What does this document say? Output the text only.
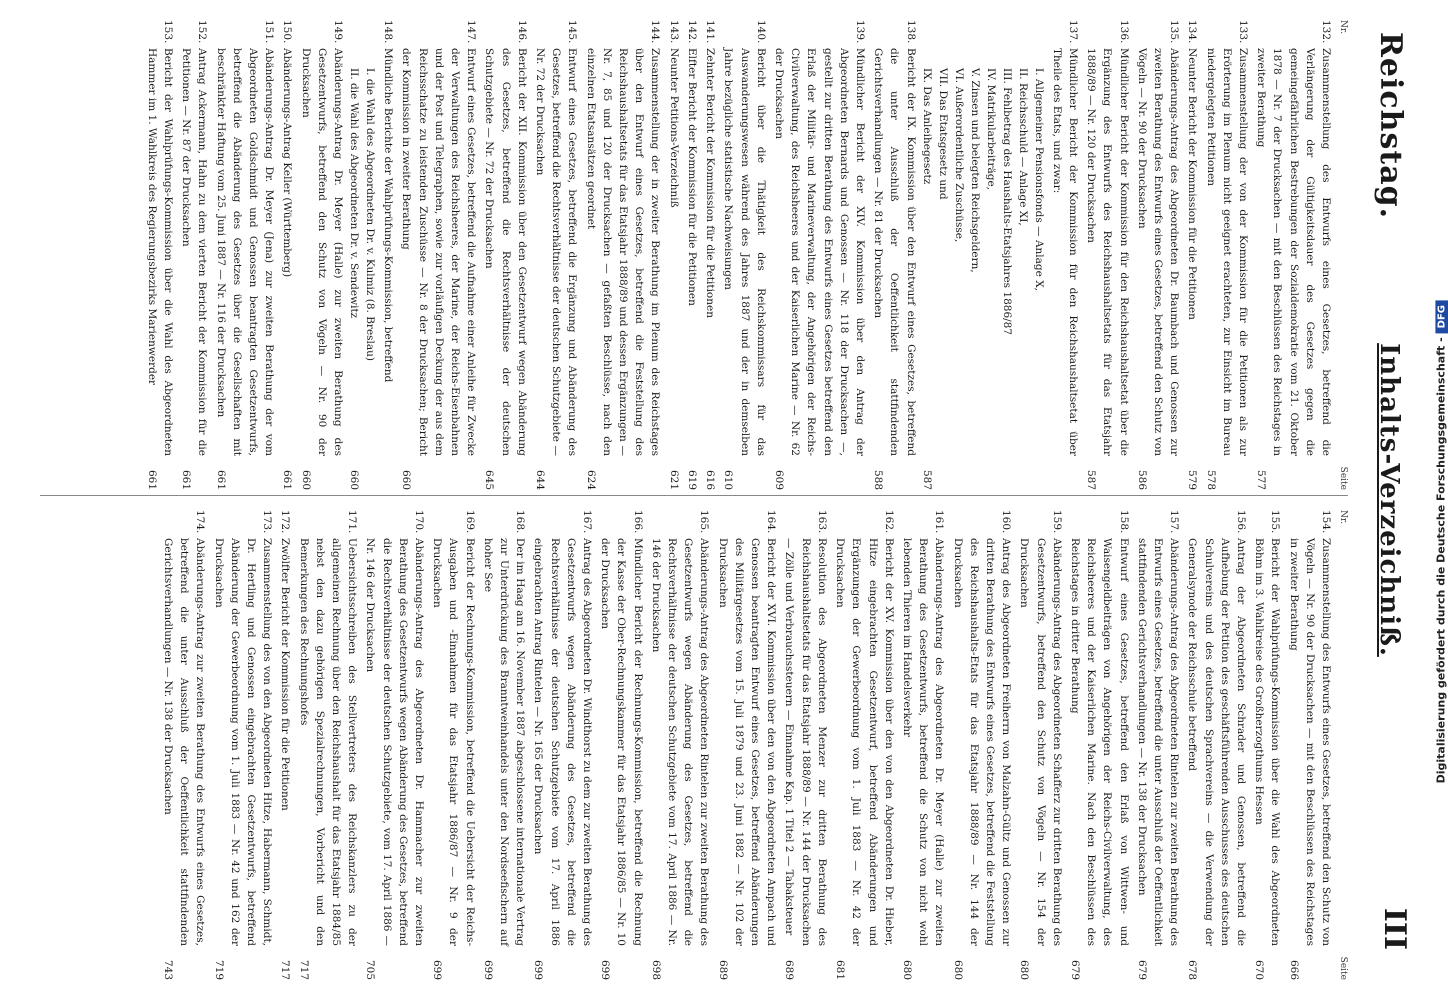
Reichstag.
Inhalts-Verzeichniß.
III
Nr.
Seite
132.
Zusammenstellung des Entwurfs eines Gesetzes, betreffend die Verlängerung der Gültigkeitsdauer des Gesetzes gegen die gemeingefährlichen Bestrebungen der Sozialdemokratie vom 21. Oktober 1878 — Nr. 7 der Drucksachen — mit den Beschlüssen des Reichstages in zweiter Berathung
577
133.
Zusammenstellung der von der Kommission für die Petitionen als zur Erörterung im Plenum nicht geeignet erachteten, zur Einsicht im Bureau niedergelegten Petitionen
578
134.
Neunter Bericht der Kommission für die Petitionen
579
135.
Abänderungs-Antrag des Abgeordneten Dr. Baumbach und Genossen zur zweiten Berathung des Entwurfs eines Gesetzes, betreffend den Schutz von Vögeln — Nr. 90 der Drucksachen
586
136.
Mündlicher Bericht der Kommission für den Reichshaushaltsetat über die Ergänzung des Entwurfs des Reichshaushaltsetats für das Etatsjahr 1888/89 — Nr. 120 der Drucksachen
587
137.
Mündlicher Bericht der Kommission für den Reichshaushaltsetat über Theile des Etats, und zwar:
I. Allgemeiner Pensionsfonds — Anlage X,
II. Reichsschuld — Anlage XI,
III. Fehlbetrag des Haushalts-Etatsjahres 1886/87
IV. Matrikularbeiträge,
V. Zinsen und belegten Reichsgeldern,
VI. Außerordentliche Zuschüsse,
VII. Das Etatsgesetz und
IX. Das Anleihegesetz
587
138.
Bericht der IX. Kommission über den Entwurf eines Gesetzes, betreffend die unter Ausschluß der Oeffentlichkeit stattfindenden Gerichtsverhandlungen — Nr. 81 der Drucksachen
588
139.
Mündlicher Bericht der XIV. Kommission über den Antrag der Abgeordneten Bernards und Genossen — Nr. 118 der Drucksachen —, gestellt zur dritten Berathung des Entwurfs eines Gesetzes betreffend den Erlaß der Militär- und Marineverwaltung, der Angehörigen der Reichs-Civilverwaltung, des Reichsheeres und der Kaiserlichen Marine — Nr. 62 der Drucksachen
609
140.
Bericht über die Thätigkeit des Reichskommissars für das Auswanderungswesen während des Jahres 1887 und der in demselben Jahre bezügliche statistische Nachweisungen
610
141.
Zehnter Bericht der Kommission für die Petitionen
616
142.
Elfter Bericht der Kommission für die Petitionen
619
143.
Neunter Petitions-Verzeichniß
621
144.
Zusammenstellung der in zweiter Berathung im Plenum des Reichstages über den Entwurf eines Gesetzes, betreffend die Feststellung des Reichshaushaltsetats für das Etatsjahr 1888/89 und dessen Ergänzungen — Nr. 7, 85 und 120 der Drucksachen — gefaßten Beschlüsse, nach den einzelnen Etatsansätzen geordnet
624
145.
Entwurf eines Gesetzes, betreffend die Ergänzung und Abänderung des Gesetzes, betreffend die Rechtsverhältnisse der deutschen Schutzgebiete — Nr. 72 der Drucksachen
644
146.
Bericht der XII. Kommission über den Gesetzentwurf wegen Abänderung des Gesetzes, betreffend die Rechtsverhältnisse der deutschen Schutzgebiete — Nr. 72 der Drucksachen
645
147.
Entwurf eines Gesetzes, betreffend die Aufnahme einer Anleihe für Zwecke der Verwaltungen des Reichsheeres, der Marine, der Reichs-Eisenbahnen und der Post und Telegraphen, sowie zur vorläufigen Deckung der aus dem Reichsschatze zu leistenden Zuschüsse — Nr. 8 der Drucksachen; Bericht der Kommission in zweiter Berathung
660
148.
Mündliche Berichte der Wahlprüfungs-Kommission, betreffend
I. die Wahl des Abgeordneten Dr. v. Kulmiz (8. Breslau)
II. die Wahl des Abgeordneten Dr. v. Sendewitz
660
149.
Abänderungs-Antrag Dr. Meyer (Halle) zur zweiten Berathung des Gesetzentwurfs, betreffend den Schutz von Vögeln — Nr. 90 der Drucksachen
660
150.
Abänderungs-Antrag Keller (Württemberg)
661
151.
Abänderungs-Antrag Dr. Meyer (Jena) zur zweiten Berathung der vom Abgeordneten Goldschmidt und Genossen beantragten Gesetzentwurfs, betreffend die Abänderung des Gesetzes über die Gesellschaften mit beschränkter Haftung vom 25. Juni 1887 — Nr. 116 der Drucksachen
661
152.
Antrag Ackermann, Hahn zu dem vierten Bericht der Kommission für die Petitionen — Nr. 87 der Drucksachen
661
153.
Bericht der Wahlprüfungs-Kommission über die Wahl des Abgeordneten Hammer im 1. Wahlkreis des Regierungsbezirks Marienwerder
661
Nr.
Seite
154.
Zusammenstellung des Entwurfs eines Gesetzes, betreffend den Schutz von Vögeln — Nr. 90 der Drucksachen — mit den Beschlüssen des Reichstages in zweiter Berathung
666
155.
Bericht der Wahlprüfungs-Kommission über die Wahl des Abgeordneten Böhm im 3. Wahlkreise des Großherzogthums Hessen
670
156.
Antrag der Abgeordneten Schrader und Genossen, betreffend die Aufhebung der Petition des geschäftsführenden Ausschusses des deutschen Schulvereins und des deutschen Sprachvereins — die Verwendung der Generalsynode der Reichsschule betreffend
678
157.
Abänderungs-Antrag des Abgeordneten Rintelen zur zweiten Berathung des Entwurfs eines Gesetzes, betreffend die unter Ausschluß der Oeffentlichkeit stattfindenden Gerichtsverhandlungen — Nr. 138 der Drucksachen
679
158.
Entwurf eines Gesetzes, betreffend den Erlaß von Wittwen- und Waisengeldbeiträgen von Angehörigen der Reichs-Civilverwaltung, des Reichsheeres und der Kaiserlichen Marine. Nach den Beschlüssen des Reichstages in dritter Berathung
679
159.
Abänderungs-Antrag des Abgeordneten Schafferz zur dritten Berathung des Gesetzentwurfs, betreffend den Schutz von Vögeln — Nr. 154 der Drucksachen
680
160.
Antrag des Abgeordneten Freiherrn von Malzahn-Gültz und Genossen zur dritten Berathung des Entwurfs eines Gesetzes, betreffend die Feststellung des Reichshaushalts-Etats für das Etatsjahr 1888/89 — Nr. 144 der Drucksachen
680
161.
Abänderungs-Antrag des Abgeordneten Dr. Meyer (Halle) zur zweiten Berathung des Gesetzentwurfs, betreffend die Schutz von nicht wohl lebenden Thieren im Handelsverkehr
680
162.
Bericht der XV. Kommission über den von den Abgeordneten Dr. Hieber, Hitze eingebrachten Gesetzentwurf, betreffend Abänderungen und Ergänzungen der Gewerbeordnung vom 1. Juli 1883 — Nr. 42 der Drucksachen
681
163.
Resolution des Abgeordneten Menzer zur dritten Berathung des Reichshaushaltsetats für das Etatsjahr 1888/89 — Nr. 144 der Drucksachen — Zölle und Verbrauchssteuern — Einnahme Kap. 1 Titel 2 — Tabaksteuer
689
164.
Bericht der XVI. Kommission über den von den Abgeordneten Ampach und Genossen beantragten Entwurf eines Gesetzes, betreffend Abänderungen des Militärgesetzes vom 15. Juli 1879 und 23. Juni 1882 — Nr. 102 der Drucksachen
689
165.
Abänderungs-Antrag des Abgeordneten Rintelen zur zweiten Berathung des Gesetzentwurfs wegen Abänderung des Gesetzes, betreffend die Rechtsverhältnisse der deutschen Schutzgebiete vom 17. April 1886 — Nr. 146 der Drucksachen
698
166.
Mündlicher Bericht der Rechnungs-Kommission, betreffend die Rechnung der Kasse der Ober-Rechnungskammer für das Etatsjahr 1886/85 — Nr. 10 der Drucksachen
699
167.
Antrag des Abgeordneten Dr. Windthorst zu dem zur zweiten Berathung des Gesetzentwurfs wegen Abänderung des Gesetzes, betreffend die Rechtsverhältnisse der deutschen Schutzgebiete vom 17. April 1886 eingebrachten Antrag Rintelen — Nr. 165 der Drucksachen
699
168.
Der im Haag am 16. November 1887 abgeschlossene internationale Vertrag zur Unterdrückung des Branntweinhandels unter den Nordseefischern auf hoher See
699
169.
Bericht der Rechnungs-Kommission, betreffend die Uebersicht der Reichs-Ausgaben und -Einnahmen für das Etatsjahr 1886/87 — Nr. 9 der Drucksachen
699
170.
Abänderungs-Antrag des Abgeordneten Dr. Hammacher zur zweiten Berathung des Gesetzentwurfs wegen Abänderung des Gesetzes, betreffend die Rechtsverhältnisse der deutschen Schutzgebiete, vom 17. April 1886 — Nr. 146 der Drucksachen
705
171.
Uebersichtsschreiben des Stellvertreters des Reichskanzlers zu der allgemeinen Rechnung über den Reichshaushalt für das Etatsjahr 1884/85 nebst den dazu gehörigen Spezialrechnungen, Vorbericht und den Bemerkungen des Rechnungshofes
717
172.
Zwölfter Bericht der Kommission für die Petitionen
717
173.
Zusammenstellung des von den Abgeordneten Hitze, Habermann, Schmidt, Dr. Hertling und Genossen eingebrachten Gesetzentwurfs, betreffend Abänderung der Gewerbeordnung vom 1. Juli 1883 — Nr. 42 und 162 der Drucksachen
719
174.
Abänderungs-Antrag zur zweiten Berathung des Entwurfs eines Gesetzes, betreffend die unter Ausschluß der Oeffentlichkeit stattfindenden Gerichtsverhandlungen — Nr. 138 der Drucksachen
743
Digitalisierung gefördert durch die Deutsche Forschungsgemeinschaft -DFG
